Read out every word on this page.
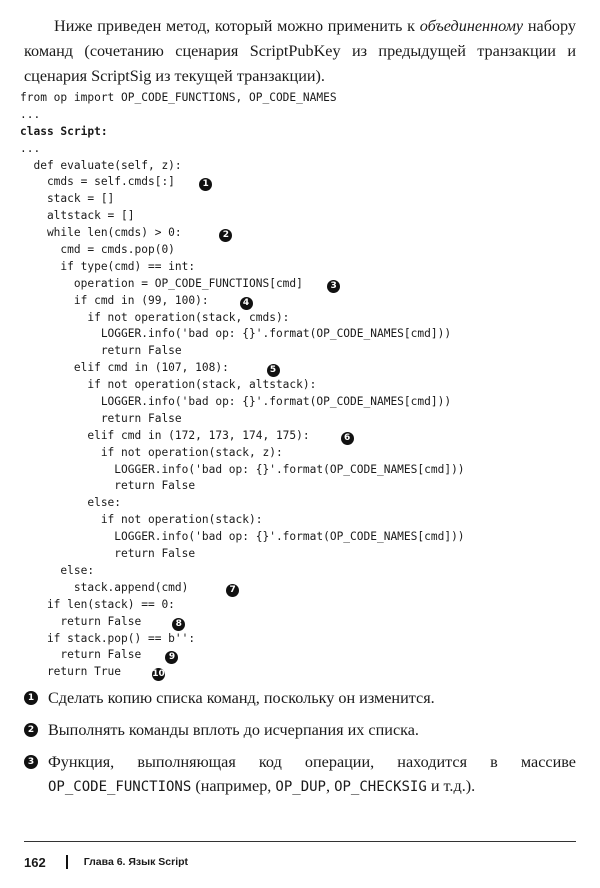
Ниже приведен метод, который можно применить к объединенному набору команд (сочетанию сценария ScriptPubKey из предыдущей транзакции и сценария ScriptSig из текущей транзакции).

from op import OP_CODE_FUNCTIONS, OP_CODE_NAMES
...
class Script:
...
def evaluate(self, z):
cmds = self.cmds[:]	1
stack = []
altstack = []
while len(cmds) > 0:	2
cmd = cmds.pop(0)
if type(cmd) == int:
operation = OP_CODE_FUNCTIONS[cmd]	3
if cmd in (99, 100):	4
if not operation(stack, cmds):
LOGGER.info('bad op: {}'.format(OP_CODE_NAMES[cmd]))
return False
elif cmd in (107, 108):	5
if not operation(stack, altstack):
LOGGER.info('bad op: {}'.format(OP_CODE_NAMES[cmd]))
return False
elif cmd in (172, 173, 174, 175):	6
if not operation(stack, z):
LOGGER.info('bad op: {}'.format(OP_CODE_NAMES[cmd]))
return False
else:
if not operation(stack):
LOGGER.info('bad op: {}'.format(OP_CODE_NAMES[cmd]))
return False
else:
stack.append(cmd)	7
if len(stack) == 0:
return False	8
if stack.pop() == b'':
return False	9
return True	10
1 Сделать копию списка команд, поскольку он изменится.
2 Выполнять команды вплоть до исчерпания их списка.
3 Функция, выполняющая код операции, находится в массиве OP_CODE_FUNCTIONS (например, OP_DUP, OP_CHECKSIG и т.д.).
162	Глава 6. Язык Script
